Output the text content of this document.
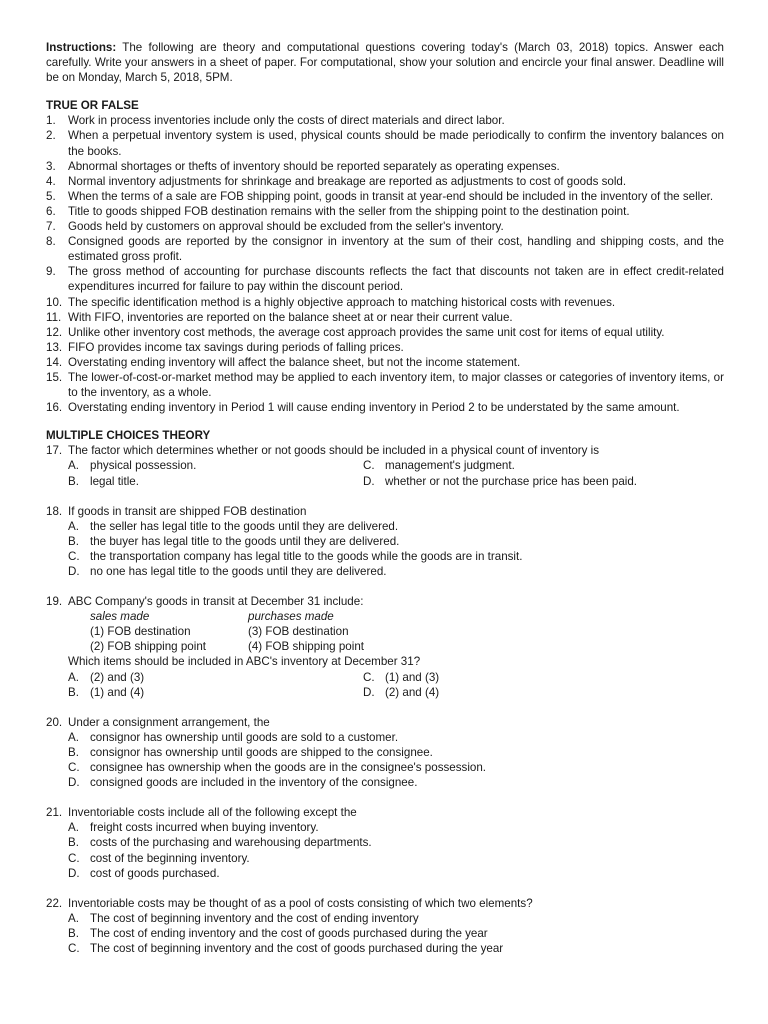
Instructions: The following are theory and computational questions covering today's (March 03, 2018) topics. Answer each carefully. Write your answers in a sheet of paper. For computational, show your solution and encircle your final answer. Deadline will be on Monday, March 5, 2018, 5PM.

TRUE OR FALSE
1.	Work in process inventories include only the costs of direct materials and direct labor.
2.	When a perpetual inventory system is used, physical counts should be made periodically to confirm the inventory balances on the books.
3.	Abnormal shortages or thefts of inventory should be reported separately as operating expenses.
4.	Normal inventory adjustments for shrinkage and breakage are reported as adjustments to cost of goods sold.
5.	When the terms of a sale are FOB shipping point, goods in transit at year-end should be included in the inventory of the seller.
6.	Title to goods shipped FOB destination remains with the seller from the shipping point to the destination point.
7.	Goods held by customers on approval should be excluded from the seller's inventory.
8.	Consigned goods are reported by the consignor in inventory at the sum of their cost, handling and shipping costs, and the estimated gross profit.
9.	The gross method of accounting for purchase discounts reflects the fact that discounts not taken are in effect credit-related expenditures incurred for failure to pay within the discount period.
10. The specific identification method is a highly objective approach to matching historical costs with revenues.
11. With FIFO, inventories are reported on the balance sheet at or near their current value.
12. Unlike other inventory cost methods, the average cost approach provides the same unit cost for items of equal utility.
13. FIFO provides income tax savings during periods of falling prices.
14. Overstating ending inventory will affect the balance sheet, but not the income statement.
15. The lower-of-cost-or-market method may be applied to each inventory item, to major classes or categories of inventory items, or to the inventory, as a whole.
16. Overstating ending inventory in Period 1 will cause ending inventory in Period 2 to be understated by the same amount.
MULTIPLE CHOICES THEORY
17. The factor which determines whether or not goods should be included in a physical count of inventory is
A. physical possession.	C. management's judgment.
B. legal title.	D. whether or not the purchase price has been paid.
18. If goods in transit are shipped FOB destination
A. the seller has legal title to the goods until they are delivered.
B. the buyer has legal title to the goods until they are delivered.
C. the transportation company has legal title to the goods while the goods are in transit.
D. no one has legal title to the goods until they are delivered.
19. ABC Company's goods in transit at December 31 include:
sales made	purchases made
(1) FOB destination	(3) FOB destination
(2) FOB shipping point	(4) FOB shipping point
Which items should be included in ABC's inventory at December 31?
A. (2) and (3)	C. (1) and (3)
B. (1) and (4)	D. (2) and (4)
20. Under a consignment arrangement, the
A. consignor has ownership until goods are sold to a customer.
B. consignor has ownership until goods are shipped to the consignee.
C. consignee has ownership when the goods are in the consignee's possession.
D. consigned goods are included in the inventory of the consignee.
21. Inventoriable costs include all of the following except the
A. freight costs incurred when buying inventory.
B. costs of the purchasing and warehousing departments.
C. cost of the beginning inventory.
D. cost of goods purchased.
22. Inventoriable costs may be thought of as a pool of costs consisting of which two elements?
A. The cost of beginning inventory and the cost of ending inventory
B. The cost of ending inventory and the cost of goods purchased during the year
C. The cost of beginning inventory and the cost of goods purchased during the year
